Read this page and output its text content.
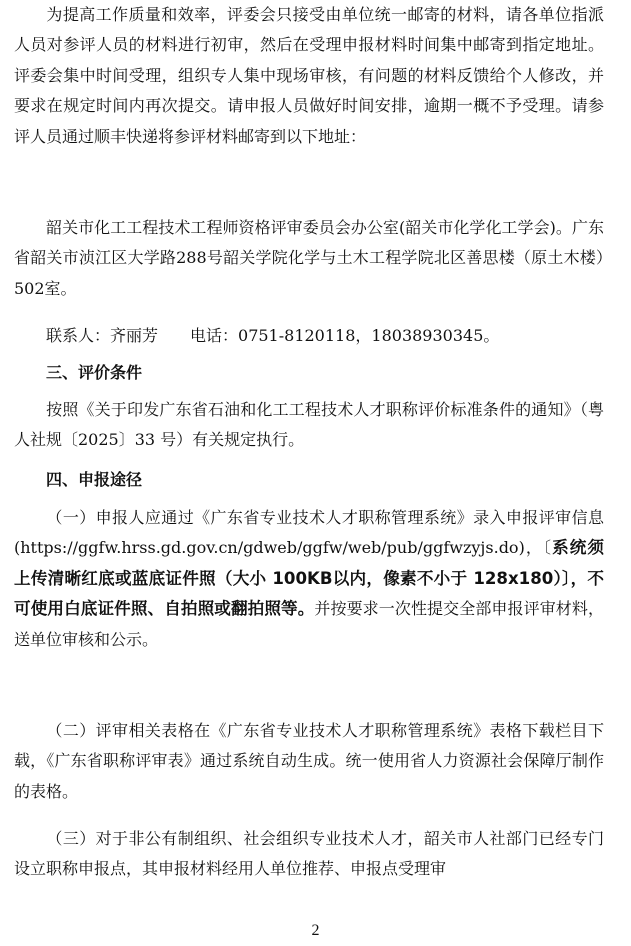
为提高工作质量和效率，评委会只接受由单位统一邮寄的材料，请各单位指派人员对参评人员的材料进行初审，然后在受理申报材料时间集中邮寄到指定地址。评委会集中时间受理，组织专人集中现场审核，有问题的材料反馈给个人修改，并要求在规定时间内再次提交。请申报人员做好时间安排，逾期一概不予受理。请参评人员通过顺丰快递将参评材料邮寄到以下地址：

韶关市化工工程技术工程师资格评审委员会办公室(韶关市化学化工学会)。广东省韶关市浈江区大学路288号韶关学院化学与土木工程学院北区善思楼（原土木楼）502室。

联系人：齐丽芳 电话：0751-8120118，18038930345。

三、评价条件

按照《关于印发广东省石油和化工工程技术人才职称评价标准条件的通知》（粤人社规〔2025〕33 号）有关规定执行。

四、申报途径

（一）申报人应通过《广东省专业技术人才职称管理系统》录入申报评审信息(https://ggfw.hrss.gd.gov.cn/gdweb/ggfw/web/pub/ggfwzyjs.do)，〔系统须上传清晰红底或蓝底证件照（大小 100KB以内，像素不小于 128x180）〕，不可使用白底证件照、自拍照或翻拍照等。并按要求一次性提交全部申报评审材料，送单位审核和公示。

（二）评审相关表格在《广东省专业技术人才职称管理系统》表格下载栏目下载，《广东省职称评审表》通过系统自动生成。统一使用省人力资源社会保障厅制作的表格。

（三）对于非公有制组织、社会组织专业技术人才，韶关市人社部门已经专门设立职称申报点，其申报材料经用人单位推荐、申报点受理审

2
